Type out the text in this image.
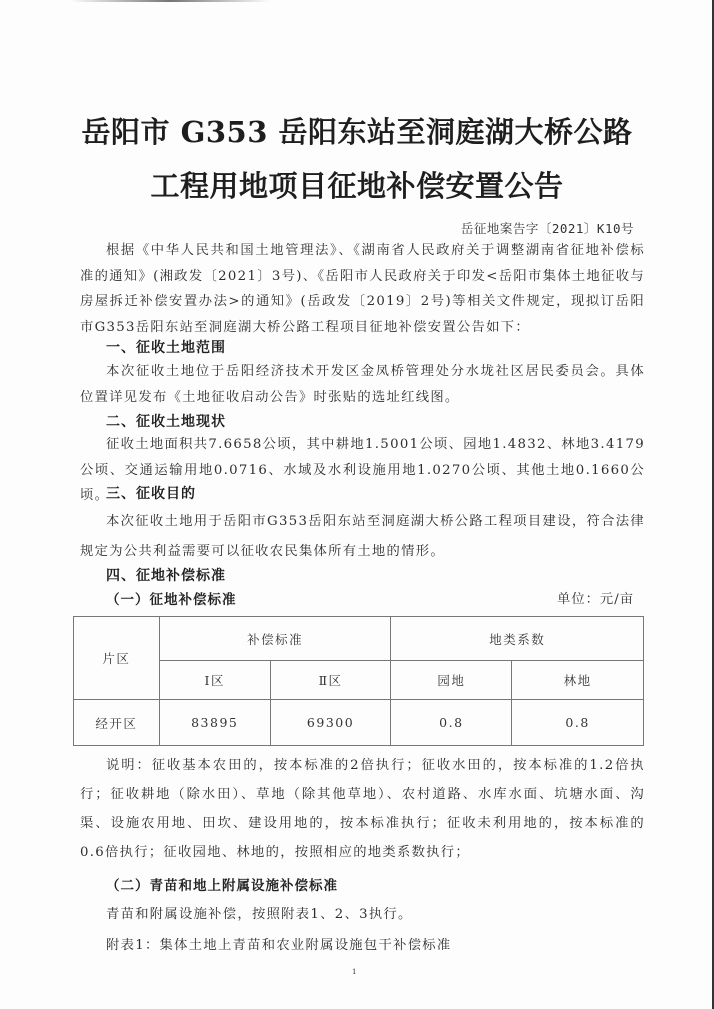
岳阳市 G353 岳阳东站至洞庭湖大桥公路
工程用地项目征地补偿安置公告
岳征地案告字〔2021〕K10号
根据《中华人民共和国土地管理法》、《湖南省人民政府关于调整湖南省征地补偿标准的通知》(湘政发〔2021〕3号)、《岳阳市人民政府关于印发<岳阳市集体土地征收与房屋拆迁补偿安置办法>的通知》(岳政发〔2019〕2号)等相关文件规定，现拟订岳阳市G353岳阳东站至洞庭湖大桥公路工程项目征地补偿安置公告如下：
一、征收土地范围
本次征收土地位于岳阳经济技术开发区金凤桥管理处分水垅社区居民委员会。具体位置详见发布《土地征收启动公告》时张贴的选址红线图。
二、征收土地现状
征收土地面积共7.6658公顷，其中耕地1.5001公顷、园地1.4832、林地3.4179公顷、交通运输用地0.0716、水域及水利设施用地1.0270公顷、其他土地0.1660公顷。
三、征收目的
本次征收土地用于岳阳市G353岳阳东站至洞庭湖大桥公路工程项目建设，符合法律规定为公共利益需要可以征收农民集体所有土地的情形。
四、征地补偿标准
（一）征地补偿标准	单位：元/亩
片区	补偿标准		地类系数	
	Ⅰ区	Ⅱ区	园地	林地
经开区	83895	69300	0.8	0.8
说明：征收基本农田的，按本标准的2倍执行；征收水田的，按本标准的1.2倍执行；征收耕地（除水田）、草地（除其他草地）、农村道路、水库水面、坑塘水面、沟渠、设施农用地、田坎、建设用地的，按本标准执行；征收未利用地的，按本标准的0.6倍执行；征收园地、林地的，按照相应的地类系数执行；
（二）青苗和地上附属设施补偿标准
青苗和附属设施补偿，按照附表1、2、3执行。
附表1：集体土地上青苗和农业附属设施包干补偿标准
1
